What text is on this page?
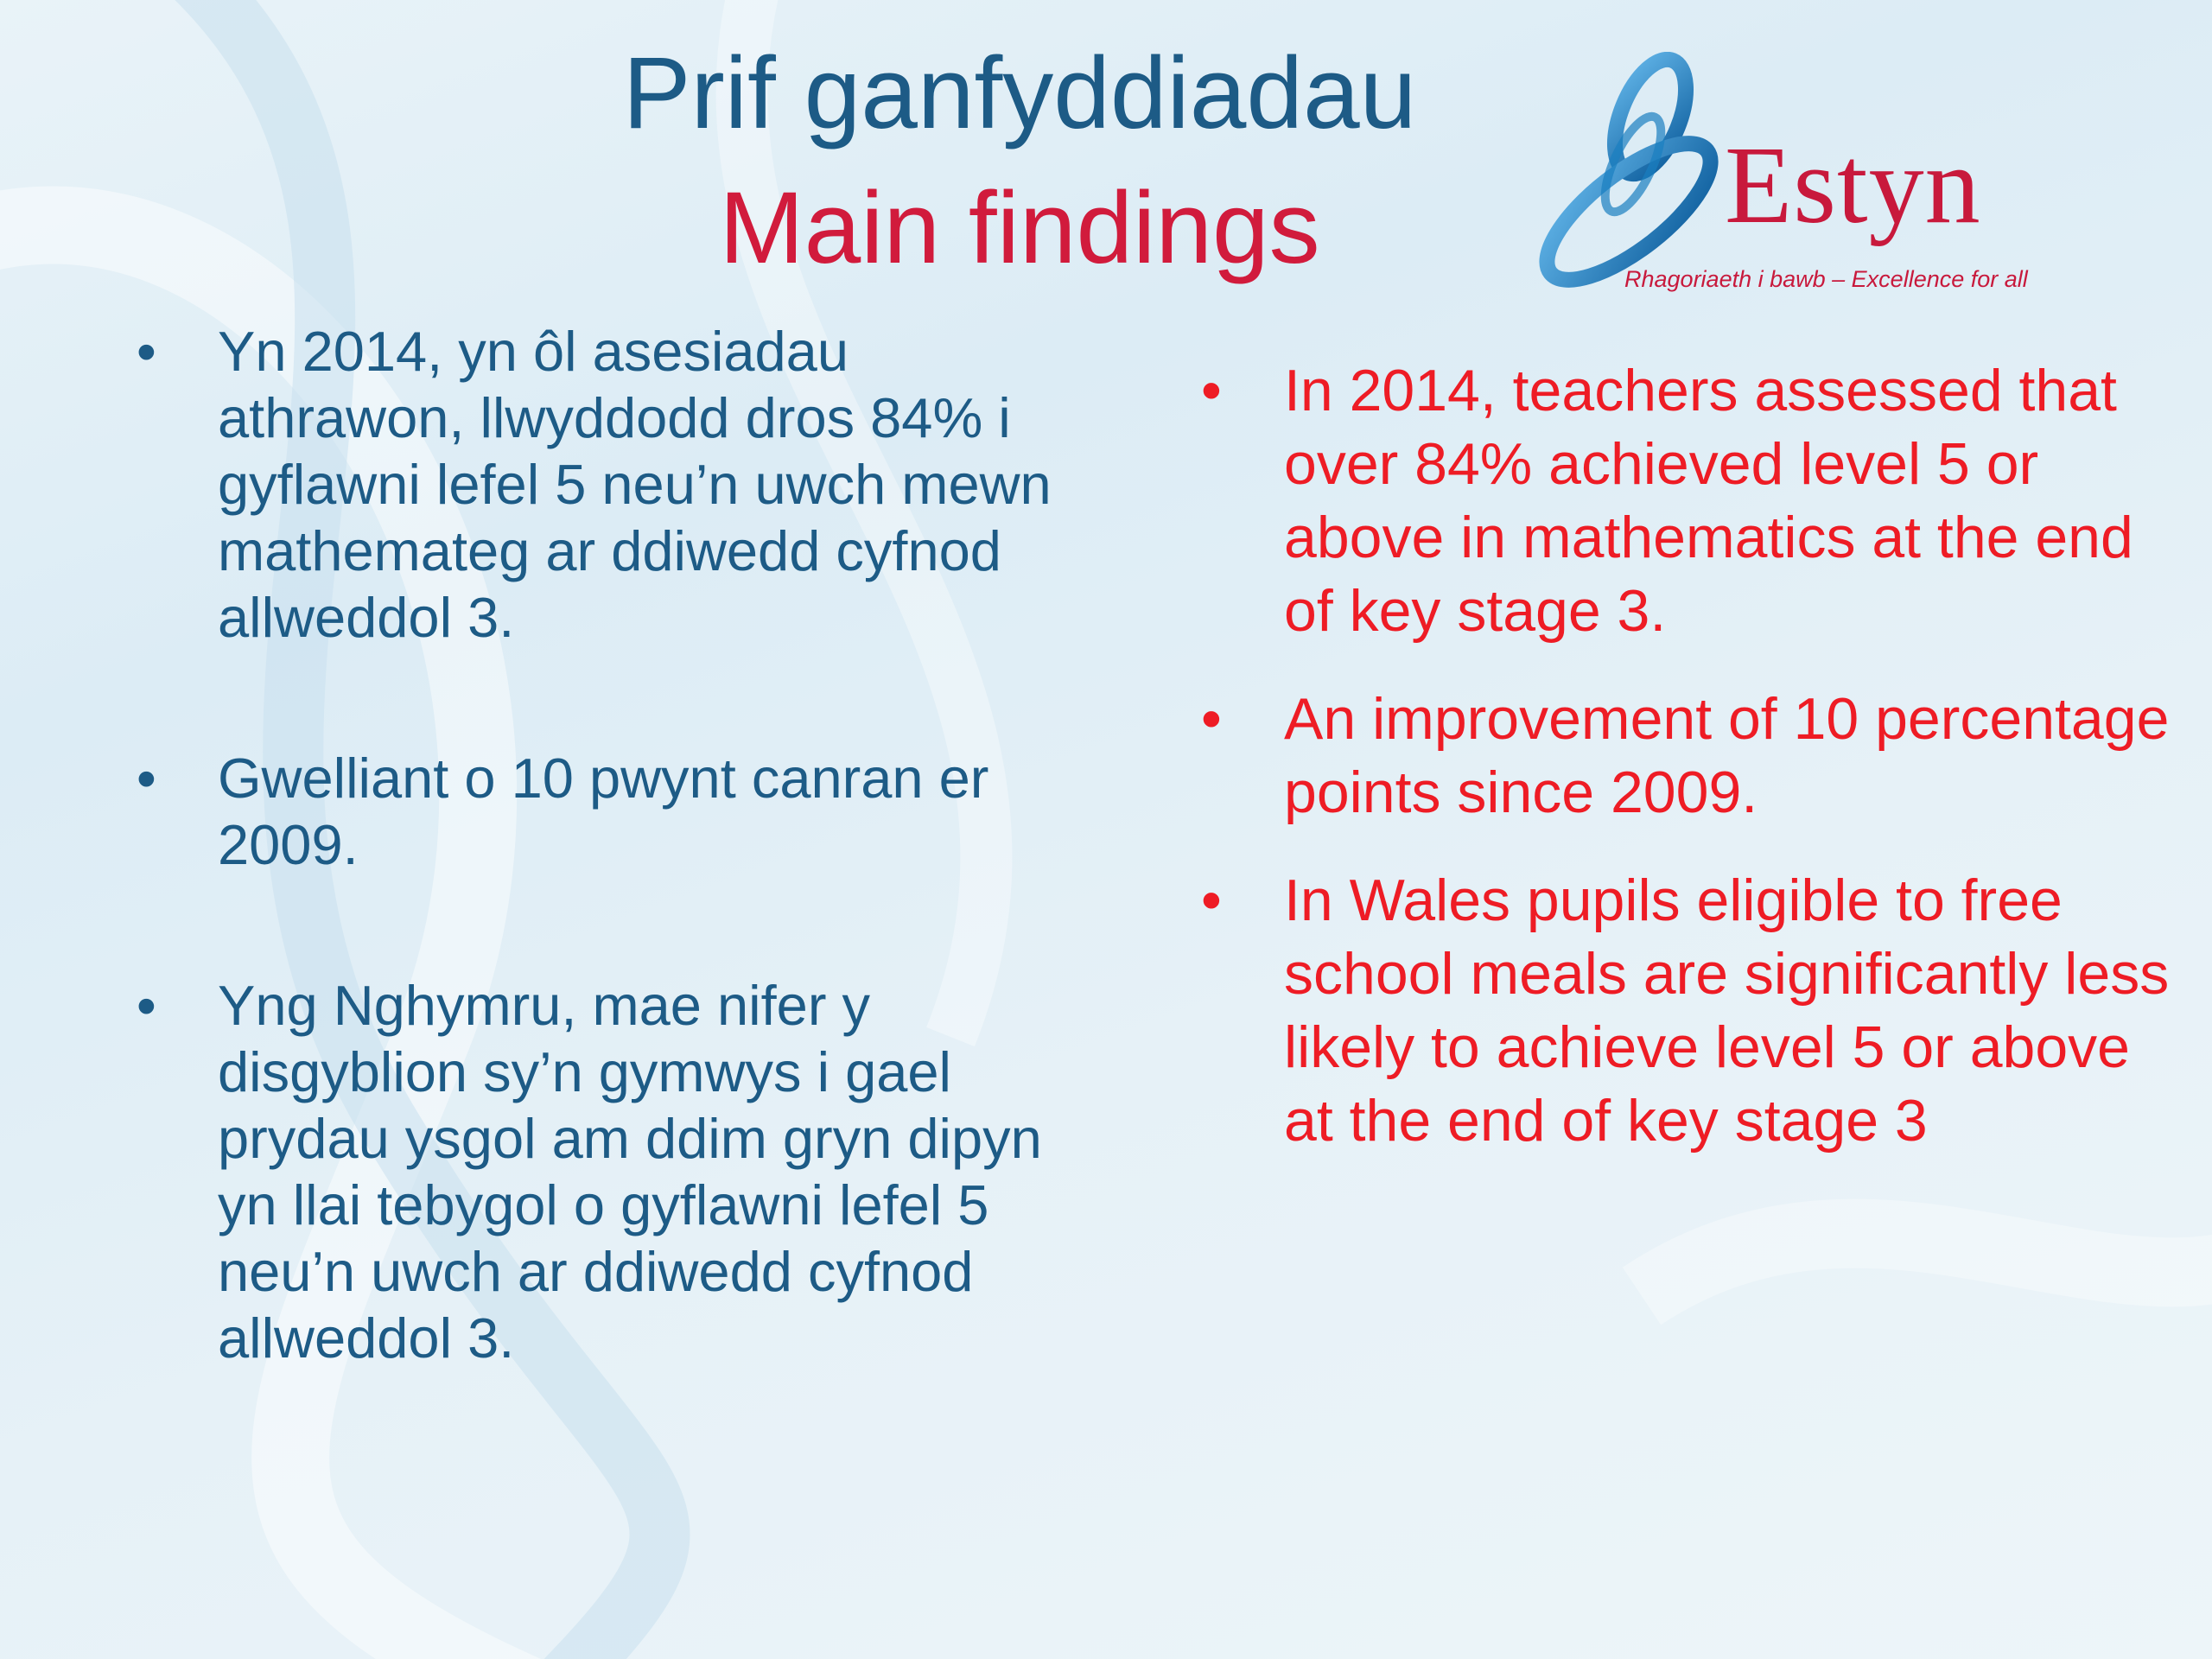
Prif ganfyddiadau
Main findings	Estyn
Rhagoriaeth i bawb – Excellence for all
• Yn 2014, yn ôl asesiadau athrawon, llwyddodd dros 84% i gyflawni lefel 5 neu’n uwch mewn mathemateg ar ddiwedd cyfnod allweddol 3.
• Gwelliant o 10 pwynt canran er 2009.
• Yng Nghymru, mae nifer y disgyblion sy’n gymwys i gael prydau ysgol am ddim gryn dipyn yn llai tebygol o gyflawni lefel 5 neu’n uwch ar ddiwedd cyfnod allweddol 3.
• In 2014, teachers assessed that over 84% achieved level 5 or above in mathematics at the end of key stage 3.
• An improvement of 10 percentage points since 2009.
• In Wales pupils eligible to free school meals are significantly less likely to achieve level 5 or above at the end of key stage 3
